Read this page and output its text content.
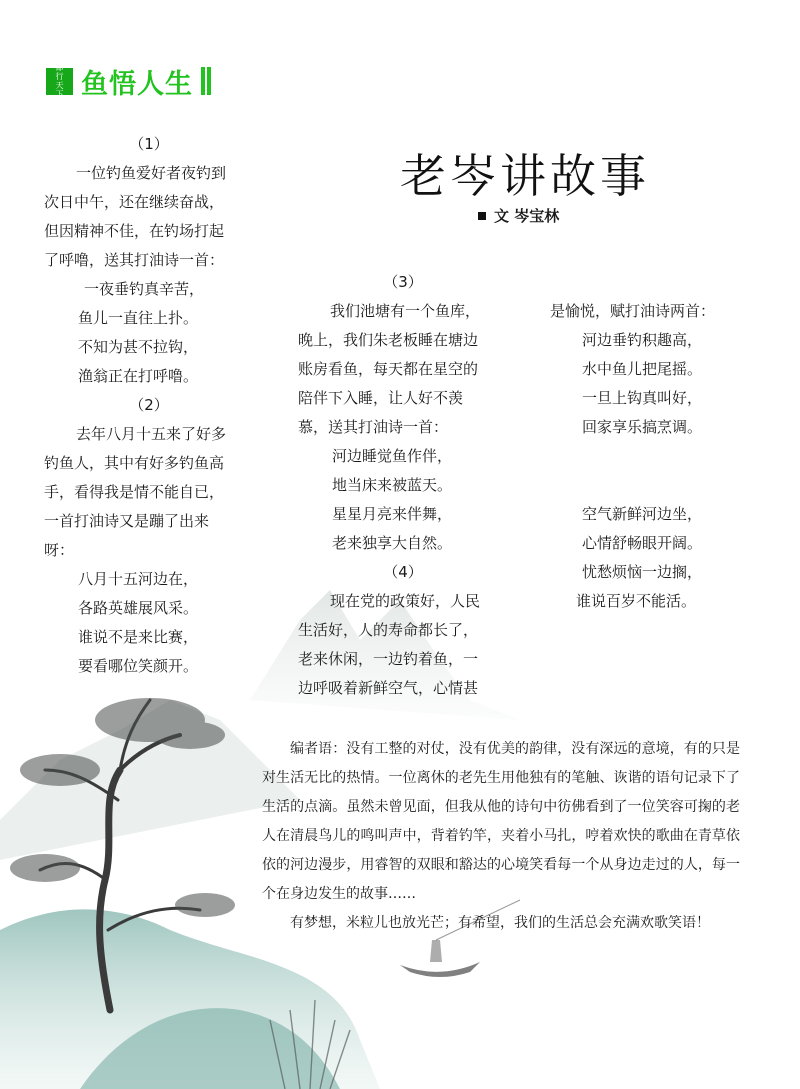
都
行
天
下 鱼悟人生
老岑讲故事
文 岑宝林

（1）

一位钓鱼爱好者夜钓到

次日中午，还在继续奋战，

但因精神不佳，在钓场打起

了呼噜，送其打油诗一首：

一夜垂钓真辛苦，

鱼儿一直往上扑。

不知为甚不拉钩，

渔翁正在打呼噜。

（2）

去年八月十五来了好多

钓鱼人，其中有好多钓鱼高

手，看得我是情不能自已，

一首打油诗又是蹦了出来

呀：

八月十五河边在，

各路英雄展风采。

谁说不是来比赛，

要看哪位笑颜开。

（3）

我们池塘有一个鱼库，

晚上，我们朱老板睡在塘边

账房看鱼，每天都在星空的

陪伴下入睡，让人好不羡

慕，送其打油诗一首：

河边睡觉鱼作伴，

地当床来被蓝天。

星星月亮来伴舞，

老来独享大自然。

（4）

现在党的政策好，人民

生活好，人的寿命都长了，

老来休闲，一边钓着鱼，一

边呼吸着新鲜空气，心情甚

是愉悦，赋打油诗两首：

河边垂钓积趣高，

水中鱼儿把尾摇。

一旦上钩真叫好，

回家享乐搞烹调。

空气新鲜河边坐，

心情舒畅眼开阔。

忧愁烦恼一边搁，

谁说百岁不能活。

编者语：没有工整的对仗，没有优美的韵律，没有深远的意境，有的只是对生活无比的热情。一位离休的老先生用他独有的笔触、诙谐的语句记录下了生活的点滴。虽然未曾见面，但我从他的诗句中彷佛看到了一位笑容可掬的老人在清晨鸟儿的鸣叫声中，背着钓竿，夹着小马扎，哼着欢快的歌曲在青草依依的河边漫步，用睿智的双眼和豁达的心境笑看每一个从身边走过的人，每一个在身边发生的故事……

有梦想，米粒儿也放光芒；有希望，我们的生活总会充满欢歌笑语！
